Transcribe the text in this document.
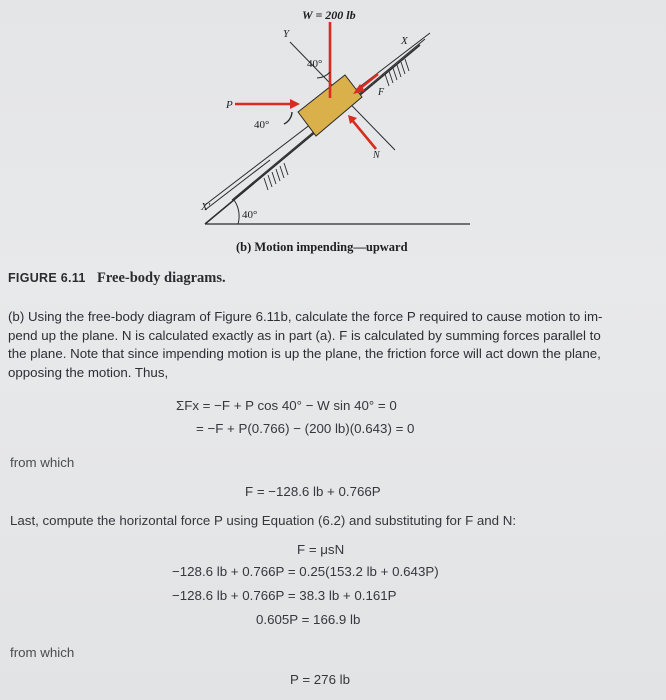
W = 200 lb
Y
X
40°
P
40°
F
N
X'
40°
(b) Motion impending—upward
FIGURE 6.11 Free-body diagrams.
(b) Using the free-body diagram of Figure 6.11b, calculate the force P required to cause motion to im-
pend up the plane. N is calculated exactly as in part (a). F is calculated by summing forces parallel to
the plane. Note that since impending motion is up the plane, the friction force will act down the plane,
opposing the motion. Thus,
ΣFx = −F + P cos 40° − W sin 40° = 0
= −F + P(0.766) − (200 lb)(0.643) = 0
from which
F = −128.6 lb + 0.766P
Last, compute the horizontal force P using Equation (6.2) and substituting for F and N:
F = μsN
−128.6 lb + 0.766P = 0.25(153.2 lb + 0.643P)
−128.6 lb + 0.766P = 38.3 lb + 0.161P
0.605P = 166.9 lb
from which
P = 276 lb
